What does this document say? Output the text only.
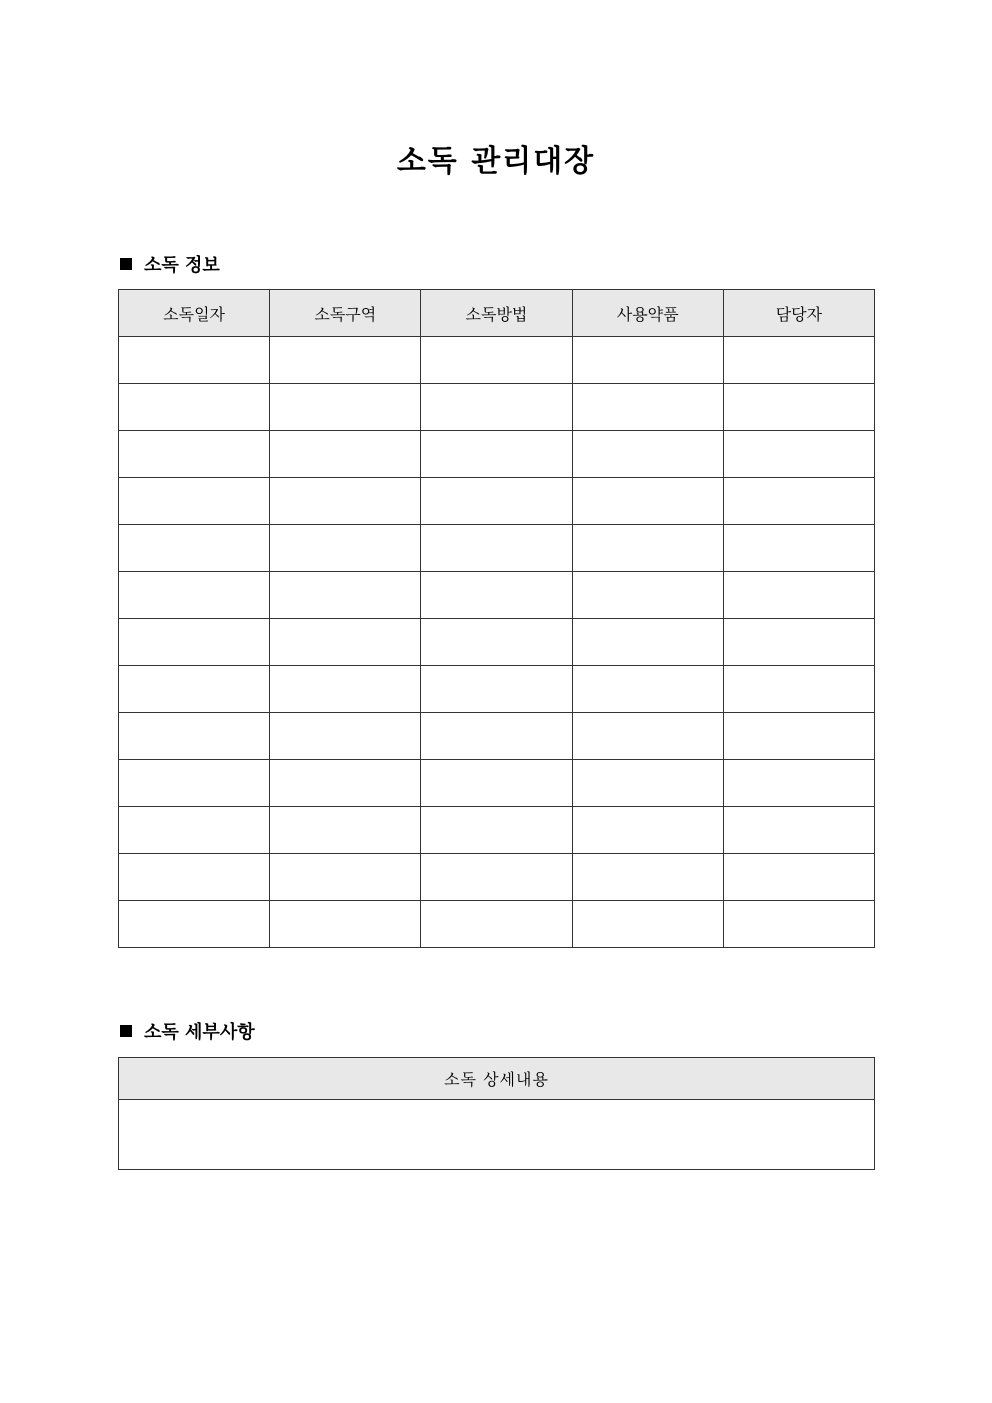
소독 관리대장
소독 정보
소독일자	소독구역	소독방법	사용약품	담당자

소독 세부사항
소독 상세내용
